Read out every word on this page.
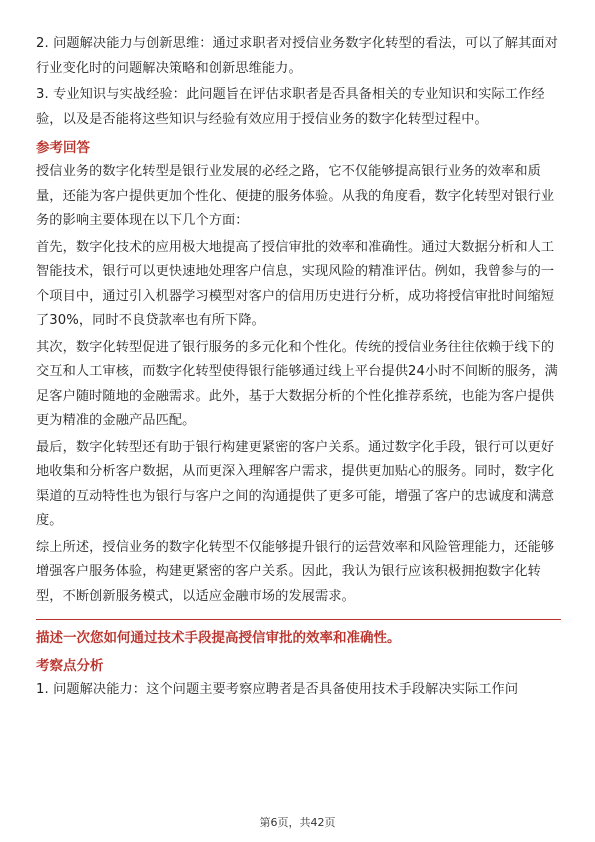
2. 问题解决能力与创新思维：通过求职者对授信业务数字化转型的看法，可以了解其面对行业变化时的问题解决策略和创新思维能力。

3. 专业知识与实战经验：此问题旨在评估求职者是否具备相关的专业知识和实际工作经验，以及是否能将这些知识与经验有效应用于授信业务的数字化转型过程中。

参考回答

授信业务的数字化转型是银行业发展的必经之路，它不仅能够提高银行业务的效率和质量，还能为客户提供更加个性化、便捷的服务体验。从我的角度看，数字化转型对银行业务的影响主要体现在以下几个方面：

首先，数字化技术的应用极大地提高了授信审批的效率和准确性。通过大数据分析和人工智能技术，银行可以更快速地处理客户信息，实现风险的精准评估。例如，我曾参与的一个项目中，通过引入机器学习模型对客户的信用历史进行分析，成功将授信审批时间缩短了30%，同时不良贷款率也有所下降。

其次，数字化转型促进了银行服务的多元化和个性化。传统的授信业务往往依赖于线下的交互和人工审核，而数字化转型使得银行能够通过线上平台提供24小时不间断的服务，满足客户随时随地的金融需求。此外，基于大数据分析的个性化推荐系统，也能为客户提供更为精准的金融产品匹配。

最后，数字化转型还有助于银行构建更紧密的客户关系。通过数字化手段，银行可以更好地收集和分析客户数据，从而更深入理解客户需求，提供更加贴心的服务。同时，数字化渠道的互动特性也为银行与客户之间的沟通提供了更多可能，增强了客户的忠诚度和满意度。

综上所述，授信业务的数字化转型不仅能够提升银行的运营效率和风险管理能力，还能够增强客户服务体验，构建更紧密的客户关系。因此，我认为银行应该积极拥抱数字化转型，不断创新服务模式，以适应金融市场的发展需求。

描述一次您如何通过技术手段提高授信审批的效率和准确性。
考察点分析

1. 问题解决能力：这个问题主要考察应聘者是否具备使用技术手段解决实际工作问

第6页，共42页
